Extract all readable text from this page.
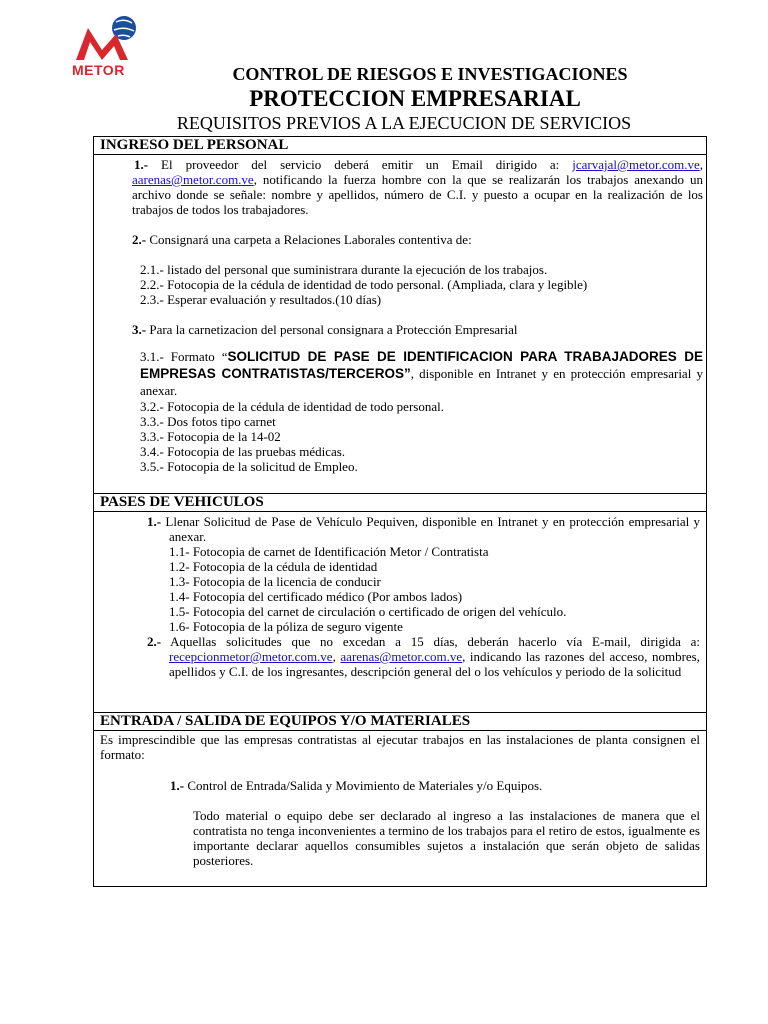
METOR	CONTROL DE RIESGOS E INVESTIGACIONES
PROTECCION EMPRESARIAL
REQUISITOS PREVIOS A LA EJECUCION DE SERVICIOS
INGRESO DEL PERSONAL

1.- El proveedor del servicio deberá emitir un Email dirigido a: jcarvajal@metor.com.ve, aarenas@metor.com.ve, notificando la fuerza hombre con la que se realizarán los trabajos anexando un archivo donde se señale: nombre y apellidos, número de C.I. y puesto a ocupar en la realización de los trabajos de todos los trabajadores.

2.- Consignará una carpeta a Relaciones Laborales contentiva de:

2.1.- listado del personal que suministrara durante la ejecución de los trabajos.
2.2.- Fotocopia de la cédula de identidad de todo personal. (Ampliada, clara y legible)
2.3.- Esperar evaluación y resultados.(10 días)

3.- Para la carnetizacion del personal consignara a Protección Empresarial

3.1.- Formato “SOLICITUD DE PASE DE IDENTIFICACION PARA TRABAJADORES DE EMPRESAS CONTRATISTAS/TERCEROS”, disponible en Intranet y en protección empresarial y anexar.

3.2.- Fotocopia de la cédula de identidad de todo personal.
3.3.- Dos fotos tipo carnet
3.3.- Fotocopia de la 14-02
3.4.- Fotocopia de las pruebas médicas.
3.5.- Fotocopia de la solicitud de Empleo.
PASES DE VEHICULOS

1.- Llenar Solicitud de Pase de Vehículo Pequiven, disponible en Intranet y en protección empresarial y anexar.

1.1- Fotocopia de carnet de Identificación Metor / Contratista
1.2- Fotocopia de la cédula de identidad
1.3- Fotocopia de la licencia de conducir
1.4- Fotocopia del certificado médico (Por ambos lados)
1.5- Fotocopia del carnet de circulación o certificado de origen del vehículo.
1.6- Fotocopia de la póliza de seguro vigente

2.- Aquellas solicitudes que no excedan a 15 días, deberán hacerlo vía E-mail, dirigida a: recepcionmetor@metor.com.ve, aarenas@metor.com.ve, indicando las razones del acceso, nombres, apellidos y C.I. de los ingresantes, descripción general del o los vehículos y periodo de la solicitud

ENTRADA / SALIDA DE EQUIPOS Y/O MATERIALES

Es imprescindible que las empresas contratistas al ejecutar trabajos en las instalaciones de planta consignen el formato:

1.- Control de Entrada/Salida y Movimiento de Materiales y/o Equipos.

Todo material o equipo debe ser declarado al ingreso a las instalaciones de manera que el contratista no tenga inconvenientes a termino de los trabajos para el retiro de estos, igualmente es importante declarar aquellos consumibles sujetos a instalación que serán objeto de salidas posteriores.
